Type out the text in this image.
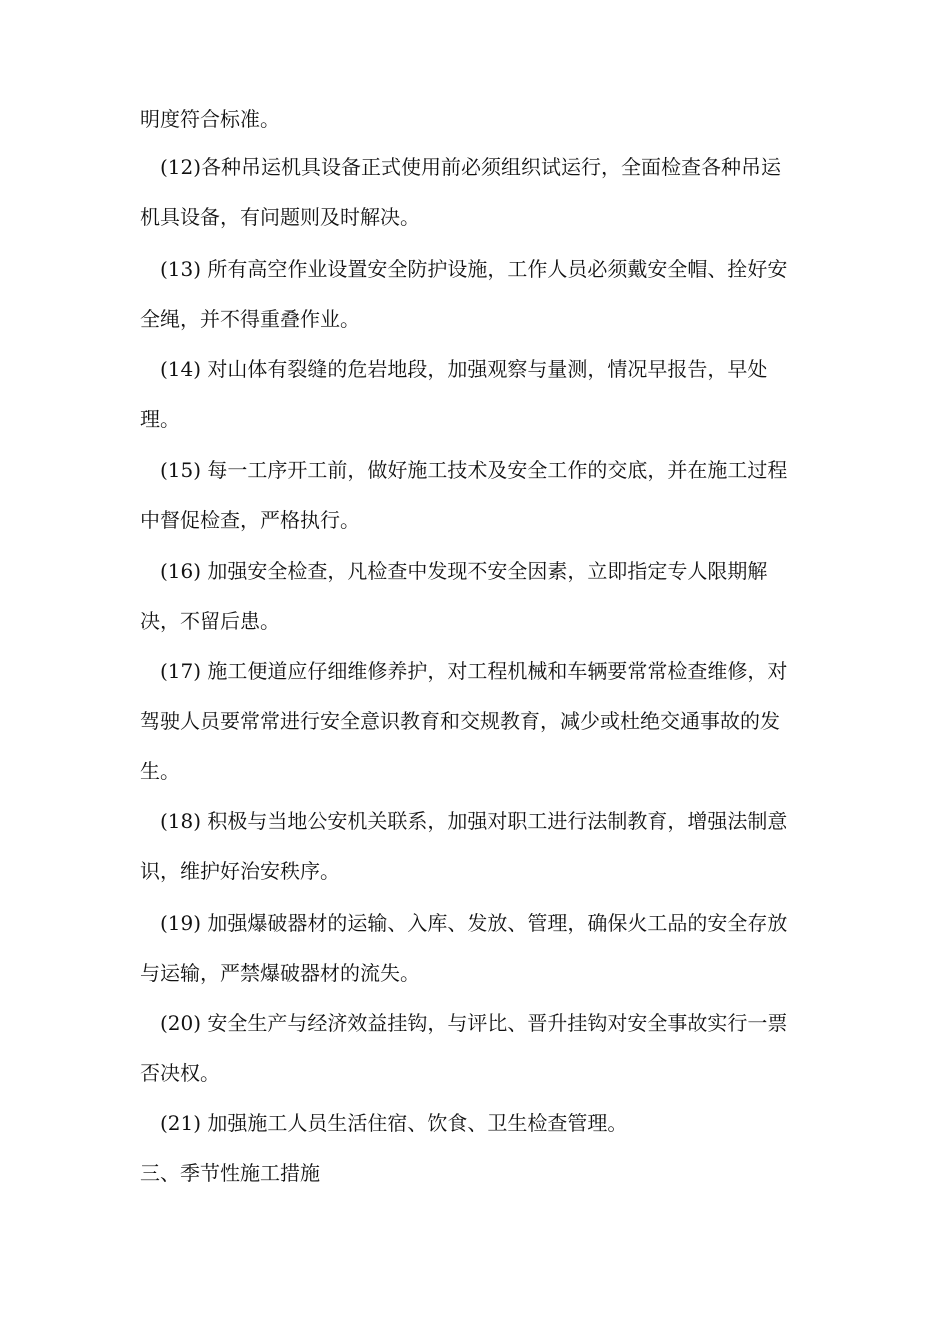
明度符合标准。
(12)各种吊运机具设备正式使用前必须组织试运行，全面检查各种吊运
机具设备，有问题则及时解决。
(13) 所有高空作业设置安全防护设施，工作人员必须戴安全帽、拴好安
全绳，并不得重叠作业。
(14) 对山体有裂缝的危岩地段，加强观察与量测，情况早报告，早处
理。
(15) 每一工序开工前，做好施工技术及安全工作的交底，并在施工过程
中督促检查，严格执行。
(16) 加强安全检查，凡检查中发现不安全因素，立即指定专人限期解
决，不留后患。
(17) 施工便道应仔细维修养护，对工程机械和车辆要常常检查维修，对
驾驶人员要常常进行安全意识教育和交规教育，减少或杜绝交通事故的发
生。
(18) 积极与当地公安机关联系，加强对职工进行法制教育，增强法制意
识，维护好治安秩序。
(19) 加强爆破器材的运输、入库、发放、管理，确保火工品的安全存放
与运输，严禁爆破器材的流失。
(20) 安全生产与经济效益挂钩，与评比、晋升挂钩对安全事故实行一票
否决权。
(21) 加强施工人员生活住宿、饮食、卫生检查管理。
三、季节性施工措施
